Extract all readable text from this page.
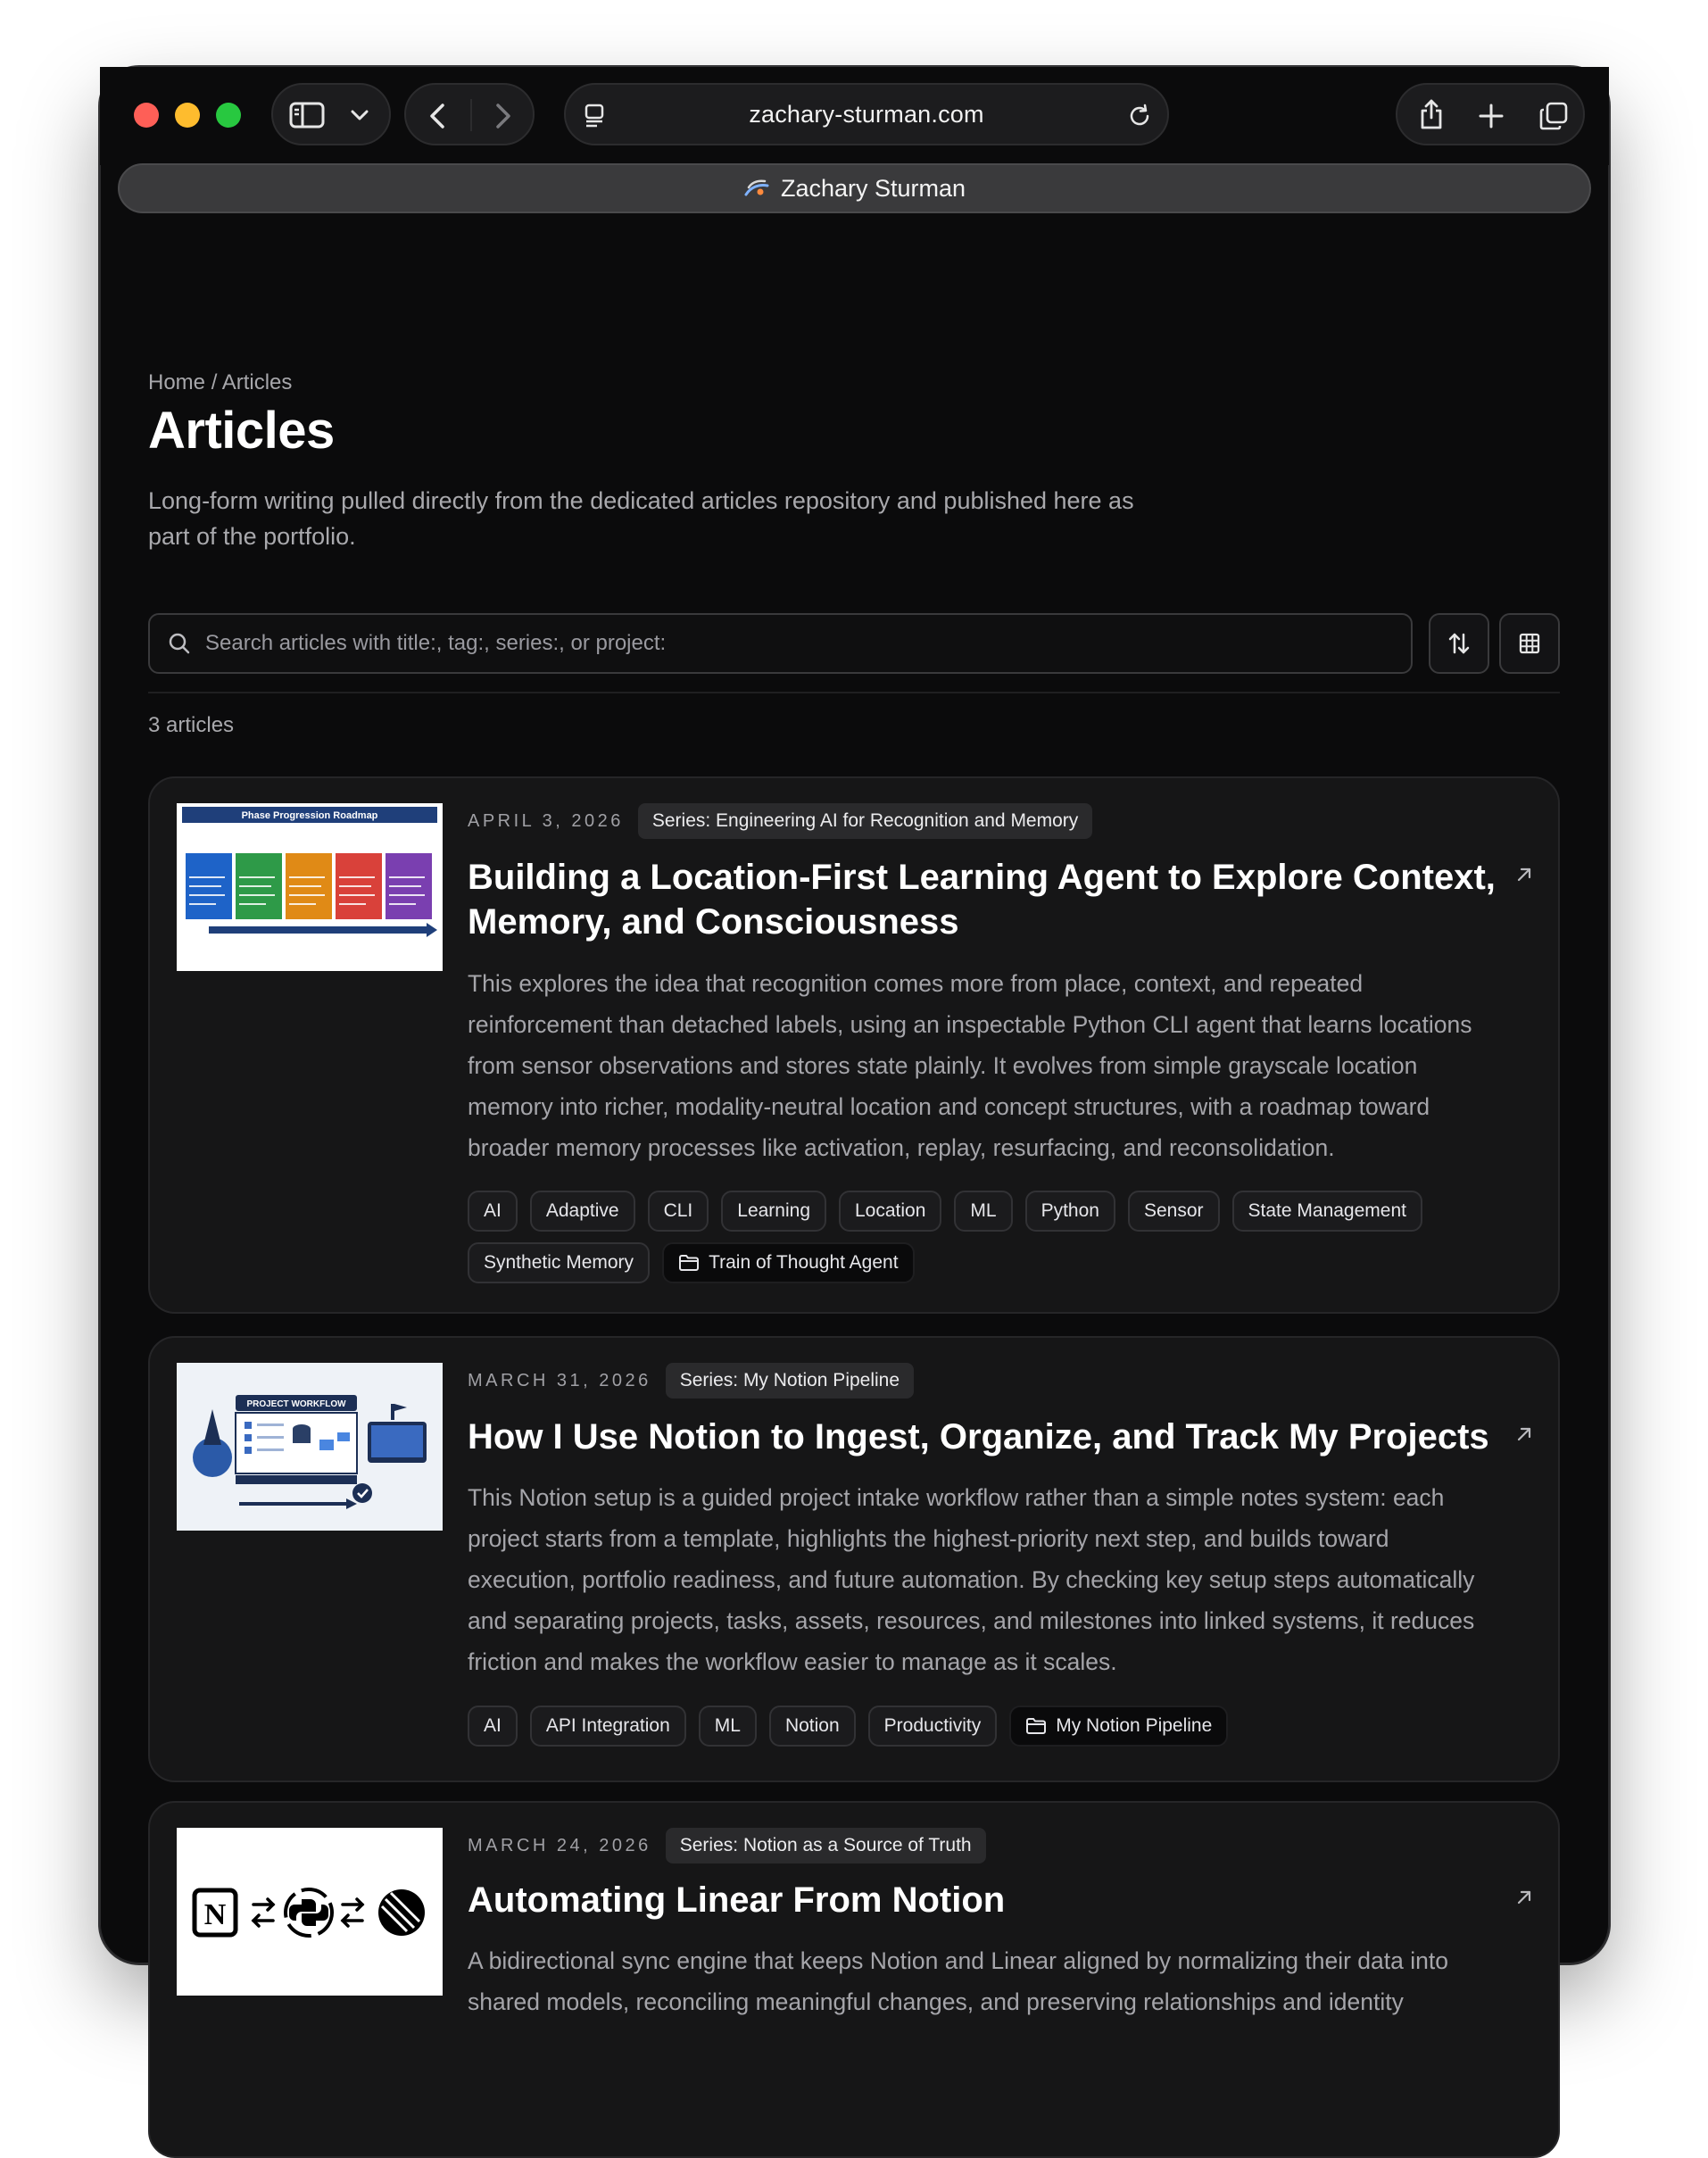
zachary-sturman.com
Zachary Sturman
Home / Articles
Articles

Long-form writing pulled directly from the dedicated articles repository and published here as part of the portfolio.

Search articles with title:, tag:, series:, or project:
3 articles
Phase Progression Roadmap	APRIL 3, 2026	Series: Engineering AI for Recognition and Memory
Building a Location-First Learning Agent to Explore Context, Memory, and Consciousness

This explores the idea that recognition comes more from place, context, and repeated reinforcement than detached labels, using an inspectable Python CLI agent that learns locations from sensor observations and stores state plainly. It evolves from simple grayscale location memory into richer, modality-neutral location and concept structures, with a roadmap toward broader memory processes like activation, replay, resurfacing, and reconsolidation.

AI	Adaptive	CLI	Learning	Location	ML	Python	Sensor	State Management
Synthetic Memory	Train of Thought Agent
PROJECT WORKFLOW
MARCH 31, 2026	Series: My Notion Pipeline
How I Use Notion to Ingest, Organize, and Track My Projects

This Notion setup is a guided project intake workflow rather than a simple notes system: each project starts from a template, highlights the highest-priority next step, and builds toward execution, portfolio readiness, and future automation. By checking key setup steps automatically and separating projects, tasks, assets, resources, and milestones into linked systems, it reduces friction and makes the workflow easier to manage as it scales.

AI	API Integration	ML	Notion	Productivity	My Notion Pipeline
N
MARCH 24, 2026	Series: Notion as a Source of Truth
Automating Linear From Notion

A bidirectional sync engine that keeps Notion and Linear aligned by normalizing their data into shared models, reconciling meaningful changes, and preserving relationships and identity
